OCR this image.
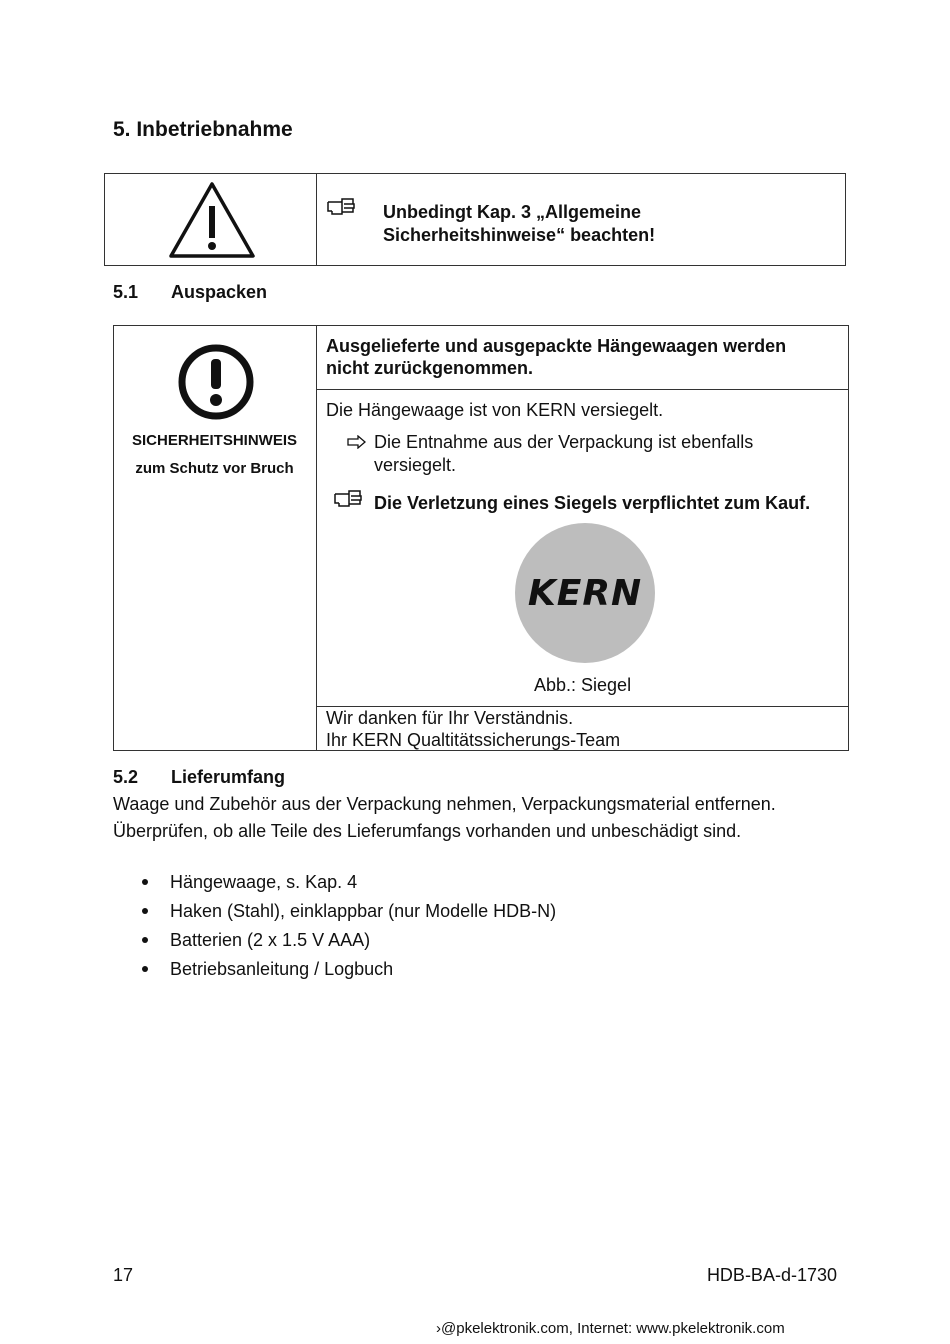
5. Inbetriebnahme
Unbedingt Kap. 3 „Allgemeine
Sicherheitshinweise“ beachten!
5.1 Auspacken
SICHERHEITSHINWEIS
zum Schutz vor Bruch
Ausgelieferte und ausgepackte Hängewaagen werden
nicht zurückgenommen.
Die Hängewaage ist von KERN versiegelt.
Die Entnahme aus der Verpackung ist ebenfalls
versiegelt.
Die Verletzung eines Siegels verpflichtet zum Kauf.
KERN
Abb.: Siegel
Wir danken für Ihr Verständnis.
Ihr KERN Qualtitätssicherungs-Team
5.2 Lieferumfang
Waage und Zubehör aus der Verpackung nehmen, Verpackungsmaterial entfernen.
Überprüfen, ob alle Teile des Lieferumfangs vorhanden und unbeschädigt sind.
Hängewaage, s. Kap. 4
Haken (Stahl), einklappbar (nur Modelle HDB-N)
Batterien (2 x 1.5 V AAA)
Betriebsanleitung / Logbuch
17	HDB-BA-d-1730
›@pkelektronik.com, Internet: www.pkelektronik.com
